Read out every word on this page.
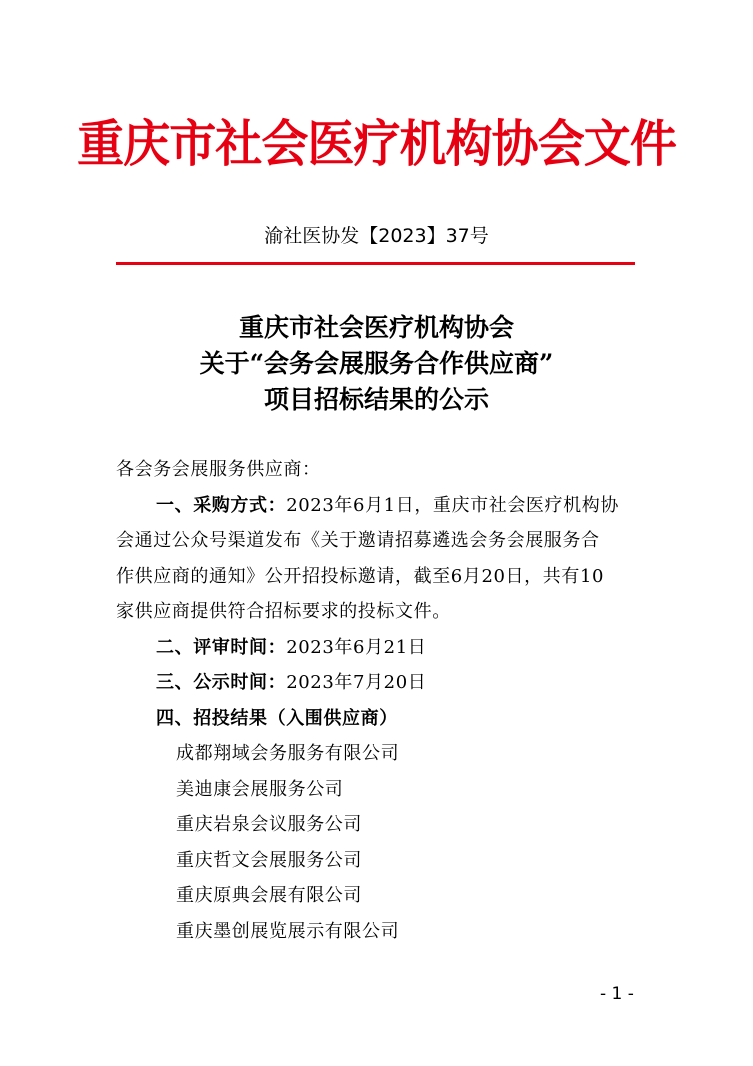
重庆市社会医疗机构协会文件
渝社医协发【2023】37号
重庆市社会医疗机构协会
关于“会务会展服务合作供应商”
项目招标结果的公示
各会务会展服务供应商：
一、采购方式：2023年6月1日，重庆市社会医疗机构协
会通过公众号渠道发布《关于邀请招募遴选会务会展服务合
作供应商的通知》公开招投标邀请，截至6月20日，共有10
家供应商提供符合招标要求的投标文件。
二、评审时间：2023年6月21日
三、公示时间：2023年7月20日
四、招投结果（入围供应商）
成都翔域会务服务有限公司
美迪康会展服务公司
重庆岩泉会议服务公司
重庆哲文会展服务公司
重庆原典会展有限公司
重庆墨创展览展示有限公司
- 1 -
